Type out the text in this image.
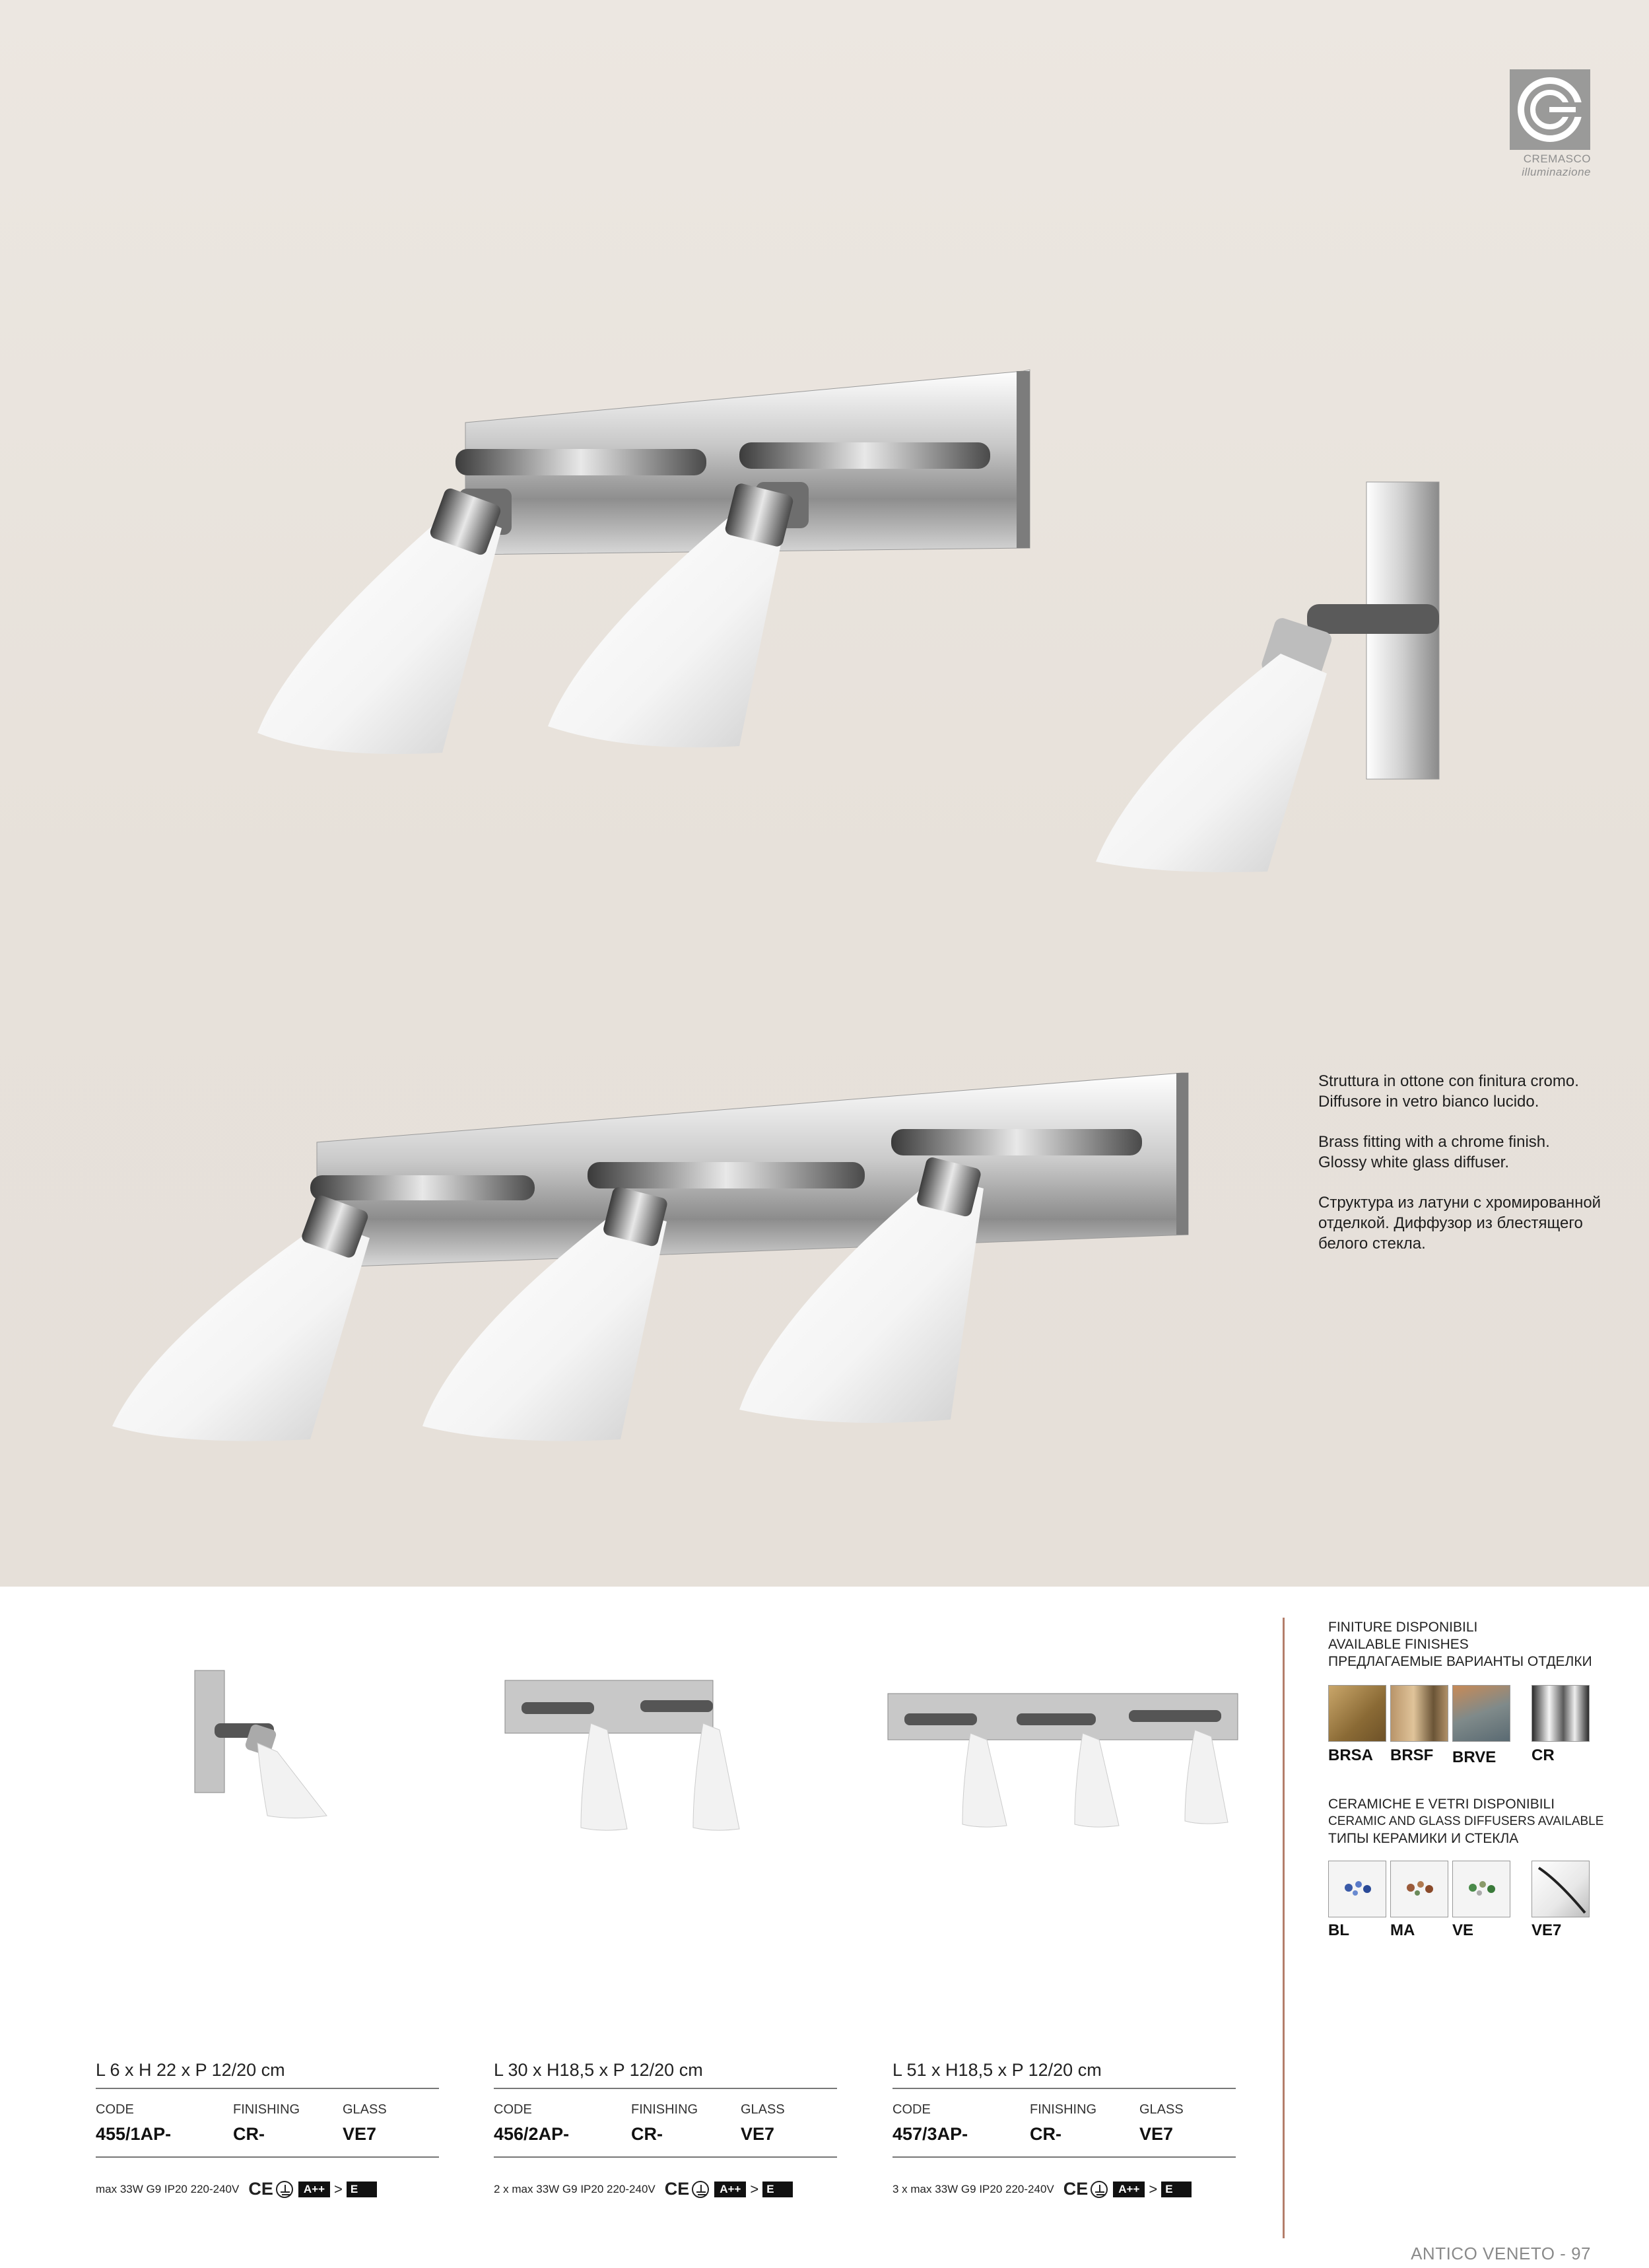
CREMASCO
illuminazione

Struttura in ottone con finitura cromo.
Diffusore in vetro bianco lucido.

Brass fitting with a chrome finish.
Glossy white glass diffuser.

Структура из латуни с хромированной
отделкой. Диффузор из блестящего
белого стекла.

FINITURE DISPONIBILI
AVAILABLE FINISHES
ПРЕДЛАГАЕМЫЕ ВАРИАНТЫ ОТДЕЛКИ
BRSA BRSF BRVE CR
CERAMICHE E VETRI DISPONIBILI
CERAMIC AND GLASS DIFFUSERS AVAILABLE
ТИПЫ КЕРАМИКИ И СТЕКЛА
BL	MA VE	VE7
L 6 x H 22 x P 12/20 cm
CODE	FINISHING	GLASS
455/1AP-	CR-	VE7
max 33W G9 IP20 220-240V CE	A++ > E
L 30 x H18,5 x P 12/20 cm
CODE	FINISHING	GLASS
456/2AP-	CR-	VE7
2 x max 33W G9 IP20 220-240V CE	A++ > E
L 51 x H18,5 x P 12/20 cm
CODE	FINISHING	GLASS
457/3AP-	CR-	VE7
3 x max 33W G9 IP20 220-240V CE	A++ > E
ANTICO VENETO - 97
